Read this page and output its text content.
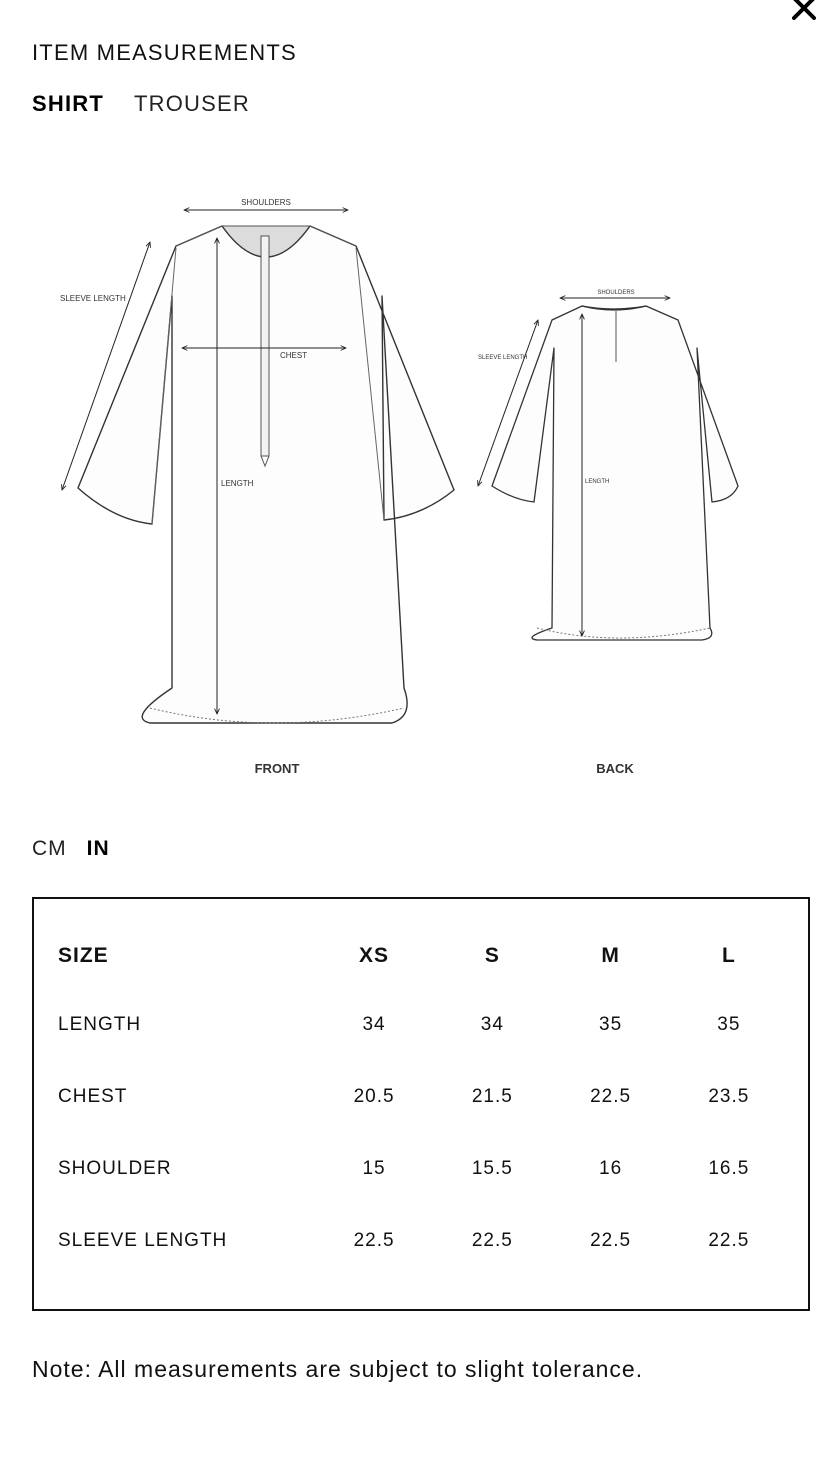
ITEM MEASUREMENTS
SHIRT TROUSER
SHOULDERS
SLEEVE LENGTH
CHEST
LENGTH
FRONT
SHOULDERS
SLEEVE LENGTH
LENGTH
BACK
CM IN
SIZE	XS	S	M	L
LENGTH	34	34	35	35
CHEST	20.5	21.5	22.5	23.5
SHOULDER	15	15.5	16	16.5
SLEEVE LENGTH	22.5	22.5	22.5	22.5

Note: All measurements are subject to slight tolerance.
